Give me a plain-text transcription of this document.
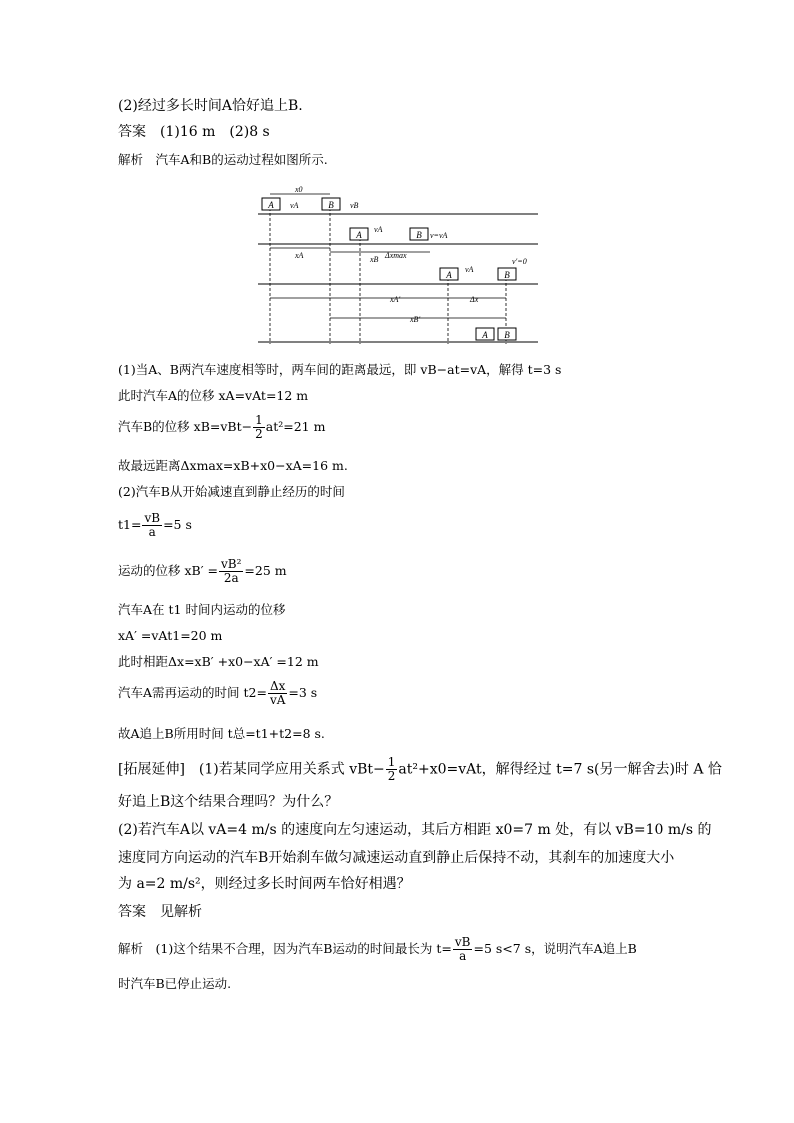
(2)经过多长时间A恰好追上B.
答案　(1)16 m　(2)8 s
解析　汽车A和B的运动过程如图所示.
A	B
A	B
A	B
A B
x0
vA	vB
vA
v=vA
xA	xB Δxmax
vA
v′=0
xA′	Δx
xB′
(1)当A、B两汽车速度相等时，两车间的距离最远，即 vB−at=vA，解得 t=3 s
此时汽车A的位移 xA=vAt=12 m
汽车B的位移 $xB=vBt- \frac{1}{2} at^2=21$ m
故最远距离Δxmax=xB+x0−xA=16 m.
(2)汽车B从开始减速直到静止经历的时间
$t1= \frac{vB}{a} =5$ s
运动的位移 $xB' = \frac{\text{vB²}}{2a} =25$ m
汽车A在 t1 时间内运动的位移
xA′ =vAt1=20 m
此时相距Δx=xB′ +x0−xA′ =12 m
汽车A需再运动的时间 $t2= \frac{\Delta x}{vA} =3$ s
故A追上B所用时间 t总=t1+t2=8 s.
[拓展延伸]　(1)若某同学应用关系式 $vBt- \frac{1}{2} at^2+x0=vAt$，解得经过 t=7 s(另一解舍去)时 A 恰
好追上B这个结果合理吗？为什么？
(2)若汽车A以 vA=4 m/s 的速度向左匀速运动，其后方相距 x0=7 m 处，有以 vB=10 m/s 的
速度同方向运动的汽车B开始刹车做匀减速运动直到静止后保持不动，其刹车的加速度大小
为 a=2 m/s²，则经过多长时间两车恰好相遇？
答案　见解析
解析　(1)这个结果不合理，因为汽车B运动的时间最长为 $t= \frac{vB}{a} =5$ s<7 s，说明汽车A追上B
时汽车B已停止运动.
